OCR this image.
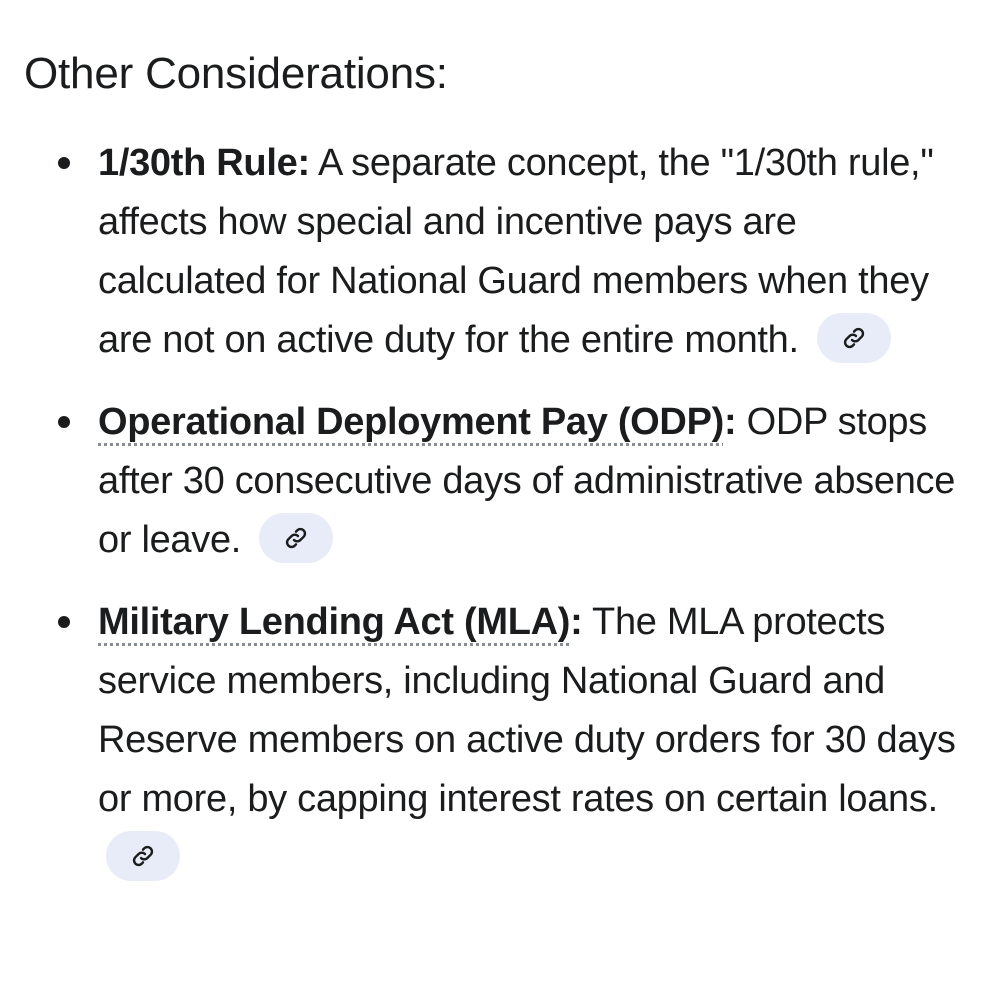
Other Considerations:
1/30th Rule: A separate concept, the "1/30th rule," affects how special and incentive pays are calculated for National Guard members when they are not on active duty for the entire month.
Operational Deployment Pay (ODP): ODP stops after 30 consecutive days of administrative absence or leave.
Military Lending Act (MLA): The MLA protects service members, including National Guard and Reserve members on active duty orders for 30 days or more, by capping interest rates on certain loans.
